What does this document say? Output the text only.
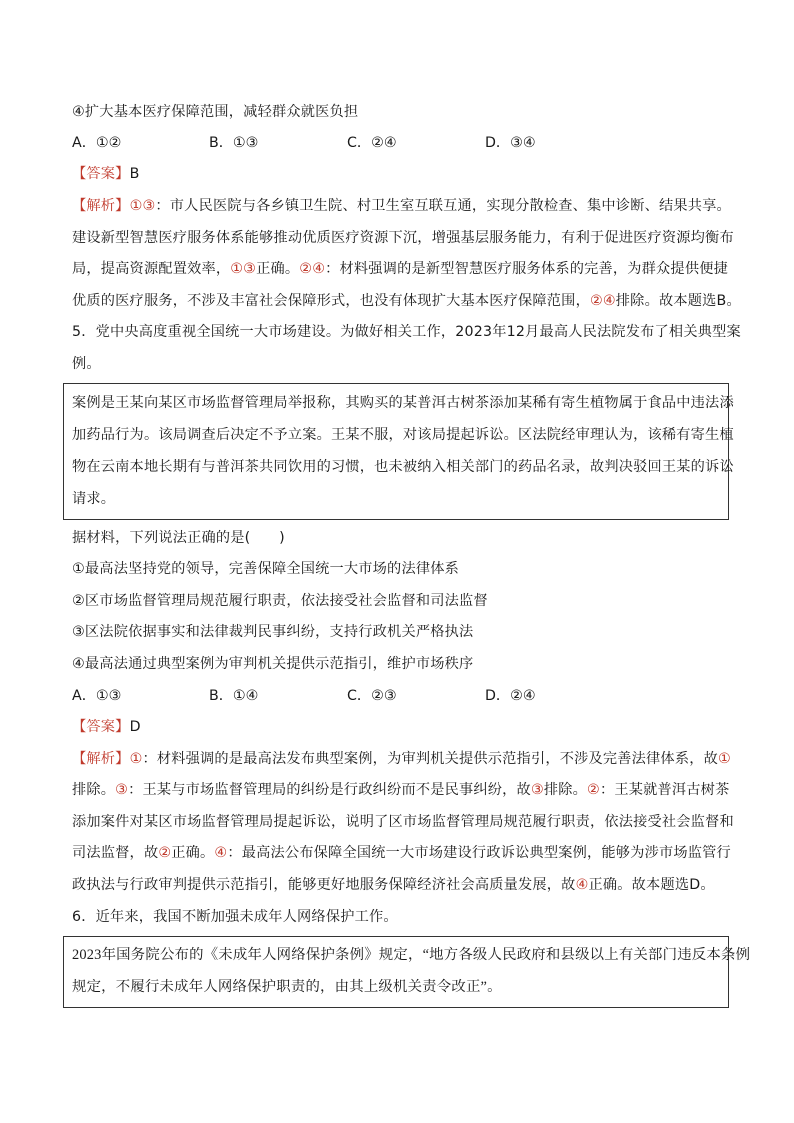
④扩大基本医疗保障范围，减轻群众就医负担
A．①②	B．①③	C．②④	D．③④
【答案】B
【解析】①③：市人民医院与各乡镇卫生院、村卫生室互联互通，实现分散检查、集中诊断、结果共享。
建设新型智慧医疗服务体系能够推动优质医疗资源下沉，增强基层服务能力，有利于促进医疗资源均衡布
局，提高资源配置效率，①③正确。②④：材料强调的是新型智慧医疗服务体系的完善，为群众提供便捷
优质的医疗服务，不涉及丰富社会保障形式，也没有体现扩大基本医疗保障范围，②④排除。故本题选B。
5．党中央高度重视全国统一大市场建设。为做好相关工作，2023年12月最高人民法院发布了相关典型案
例。
案例是王某向某区市场监督管理局举报称，其购买的某普洱古树茶添加某稀有寄生植物属于食品中违法添
加药品行为。该局调查后决定不予立案。王某不服，对该局提起诉讼。区法院经审理认为，该稀有寄生植
物在云南本地长期有与普洱茶共同饮用的习惯，也未被纳入相关部门的药品名录，故判决驳回王某的诉讼
请求。
据材料，下列说法正确的是(　　)
①最高法坚持党的领导，完善保障全国统一大市场的法律体系
②区市场监督管理局规范履行职责，依法接受社会监督和司法监督
③区法院依据事实和法律裁判民事纠纷，支持行政机关严格执法
④最高法通过典型案例为审判机关提供示范指引，维护市场秩序
A．①③	B．①④	C．②③	D．②④
【答案】D
【解析】①：材料强调的是最高法发布典型案例，为审判机关提供示范指引，不涉及完善法律体系，故①
排除。③：王某与市场监督管理局的纠纷是行政纠纷而不是民事纠纷，故③排除。②：王某就普洱古树茶
添加案件对某区市场监督管理局提起诉讼，说明了区市场监督管理局规范履行职责，依法接受社会监督和
司法监督，故②正确。④：最高法公布保障全国统一大市场建设行政诉讼典型案例，能够为涉市场监管行
政执法与行政审判提供示范指引，能够更好地服务保障经济社会高质量发展，故④正确。故本题选D。
6．近年来，我国不断加强未成年人网络保护工作。
2023年国务院公布的《未成年人网络保护条例》规定，“地方各级人民政府和县级以上有关部门违反本条例
规定，不履行未成年人网络保护职责的，由其上级机关责令改正”。
